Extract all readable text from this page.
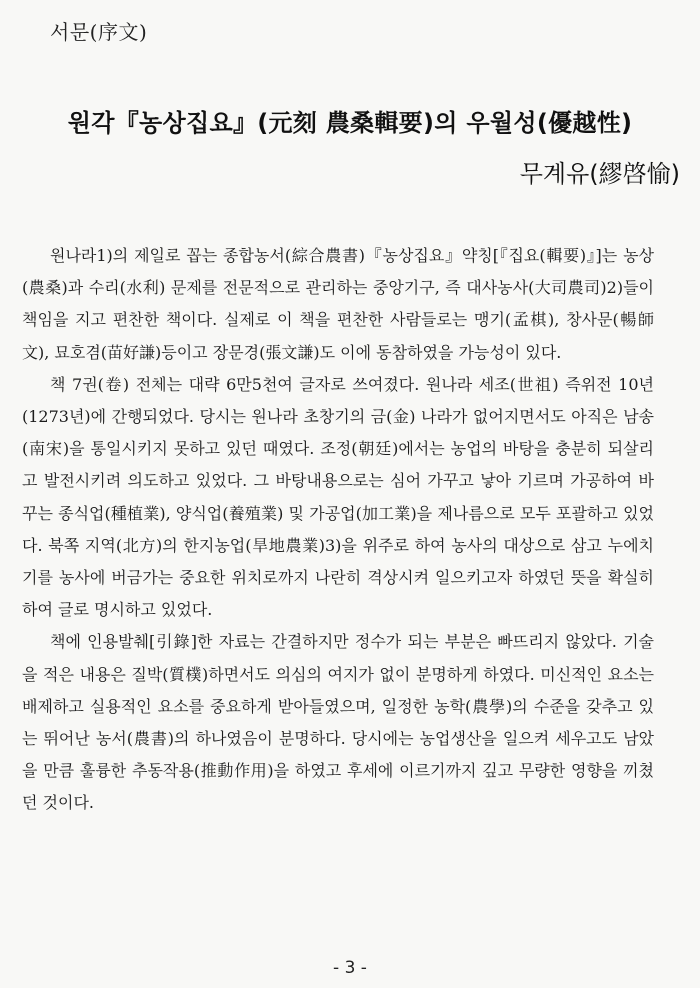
서문(序文)
원각『농상집요』(元刻 農桑輯要)의 우월성(優越性)
무계유(繆啓愉)

원나라1)의 제일로 꼽는 종합농서(綜合農書)『농상집요』약칭[『집요(輯要)』]는 농상(農桑)과 수리(水利) 문제를 전문적으로 관리하는 중앙기구, 즉 대사농사(大司農司)2)들이 책임을 지고 편찬한 책이다. 실제로 이 책을 편찬한 사람들로는 맹기(孟棋), 창사문(暢師文), 묘호겸(苗好謙)등이고 장문경(張文謙)도 이에 동참하였을 가능성이 있다.

책 7권(卷) 전체는 대략 6만5천여 글자로 쓰여졌다. 원나라 세조(世祖) 즉위전 10년(1273년)에 간행되었다. 당시는 원나라 초창기의 금(金) 나라가 없어지면서도 아직은 남송(南宋)을 통일시키지 못하고 있던 때였다. 조정(朝廷)에서는 농업의 바탕을 충분히 되살리고 발전시키려 의도하고 있었다. 그 바탕내용으로는 심어 가꾸고 낳아 기르며 가공하여 바꾸는 종식업(種植業), 양식업(養殖業) 및 가공업(加工業)을 제나름으로 모두 포괄하고 있었다. 북쪽 지역(北方)의 한지농업(旱地農業)3)을 위주로 하여 농사의 대상으로 삼고 누에치기를 농사에 버금가는 중요한 위치로까지 나란히 격상시켜 일으키고자 하였던 뜻을 확실히 하여 글로 명시하고 있었다.

책에 인용발췌[引錄]한 자료는 간결하지만 정수가 되는 부분은 빠뜨리지 않았다. 기술을 적은 내용은 질박(質樸)하면서도 의심의 여지가 없이 분명하게 하였다. 미신적인 요소는 배제하고 실용적인 요소를 중요하게 받아들였으며, 일정한 농학(農學)의 수준을 갖추고 있는 뛰어난 농서(農書)의 하나였음이 분명하다. 당시에는 농업생산을 일으켜 세우고도 남았을 만큼 훌륭한 추동작용(推動作用)을 하였고 후세에 이르기까지 깊고 무량한 영향을 끼쳤던 것이다.

- 3 -
